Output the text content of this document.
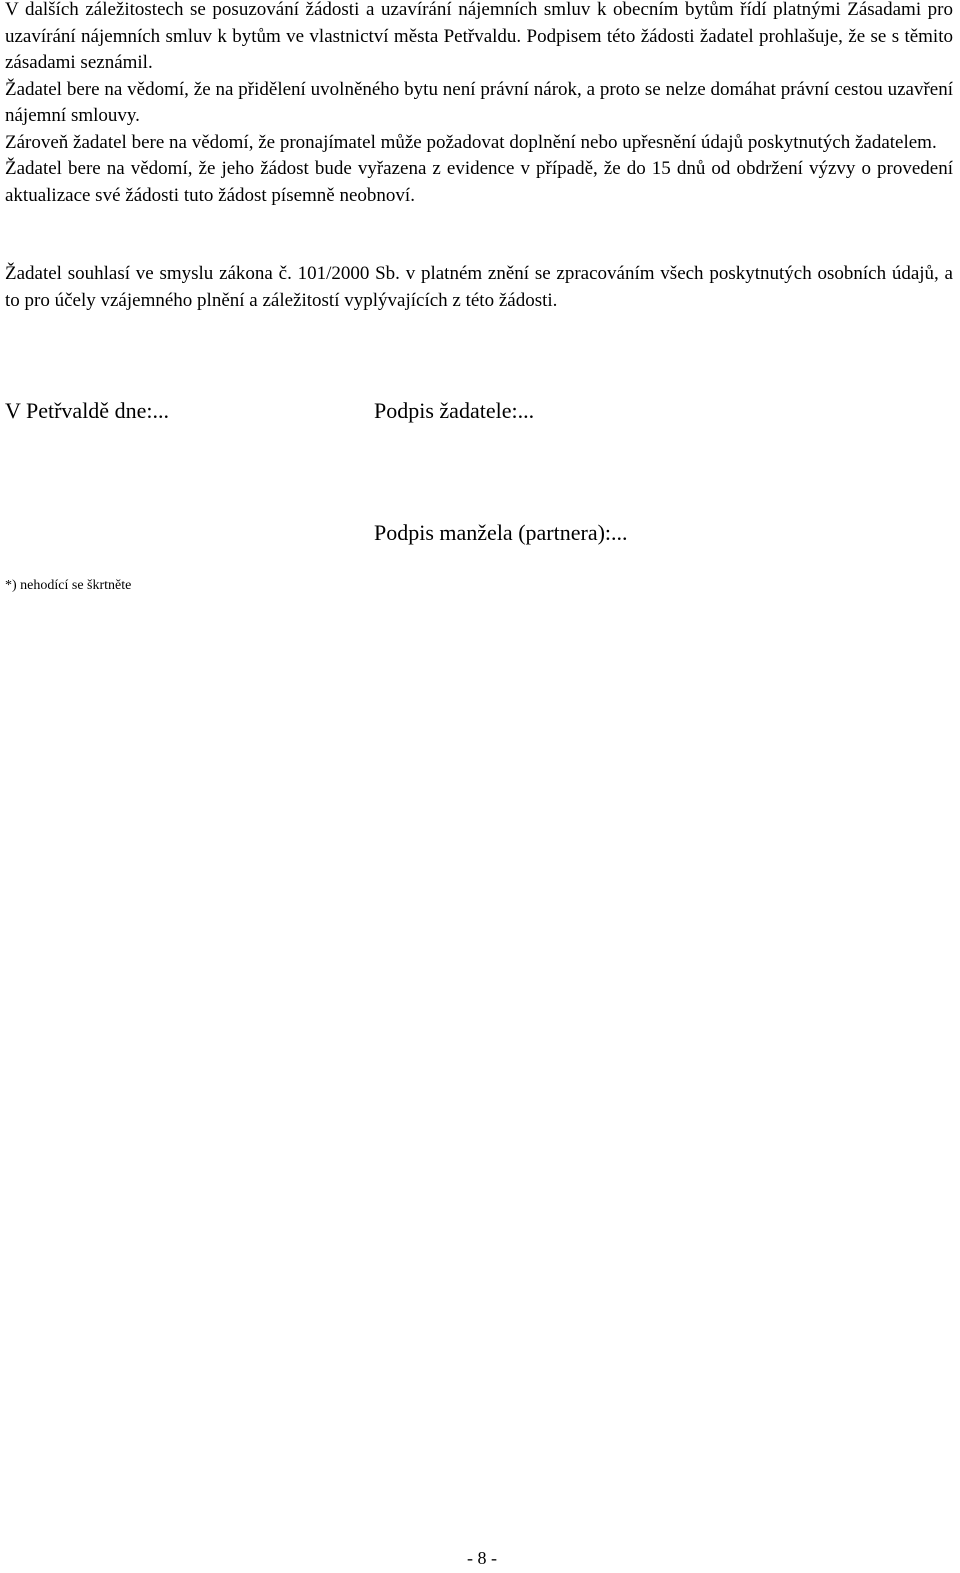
V dalších záležitostech se posuzování žádosti a uzavírání nájemních smluv k obecním bytům řídí platnými Zásadami pro uzavírání nájemních smluv k bytům ve vlastnictví města Petřvaldu. Podpisem této žádosti žadatel prohlašuje, že se s těmito zásadami seznámil.
Žadatel bere na vědomí, že na přidělení uvolněného bytu není právní nárok, a proto se nelze domáhat právní cestou uzavření nájemní smlouvy.
Zároveň žadatel bere na vědomí, že pronajímatel může požadovat doplnění nebo upřesnění údajů poskytnutých žadatelem.
Žadatel bere na vědomí, že jeho žádost bude vyřazena z evidence v případě, že do 15 dnů od obdržení výzvy o provedení aktualizace své žádosti tuto žádost písemně neobnoví.

Žadatel souhlasí ve smyslu zákona č. 101/2000 Sb. v platném znění se zpracováním všech poskytnutých osobních údajů, a to pro účely vzájemného plnění a záležitostí vyplývajících z této žádosti.

V Petřvaldě dne:...	Podpis žadatele:...

Podpis manžela (partnera):...

*) nehodící se škrtněte

- 8 -
